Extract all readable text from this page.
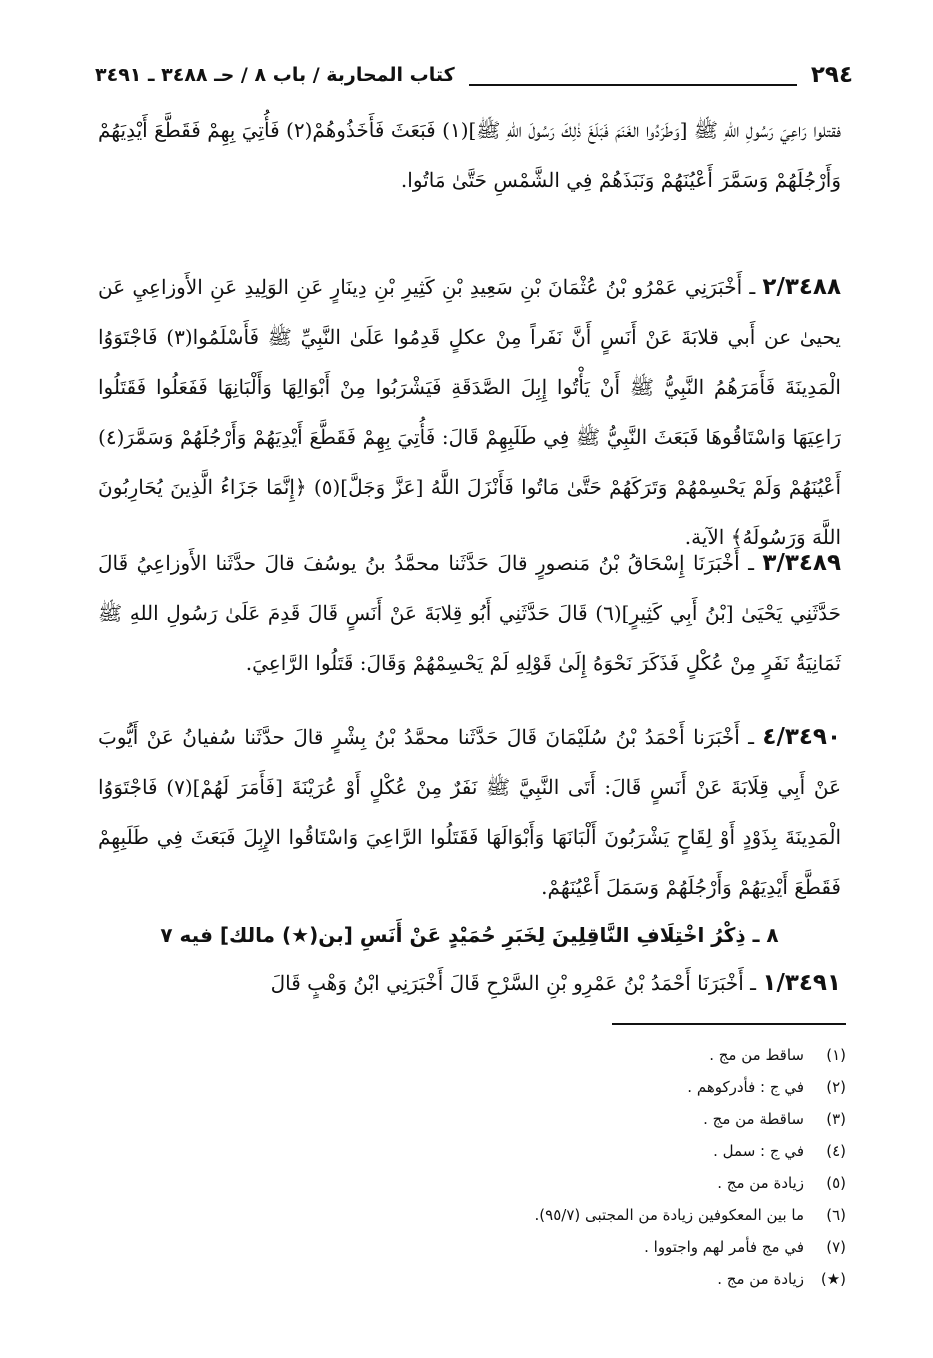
٢٩٤
كتاب المحاربة / باب ٨ / حـ ٣٤٨٨ ـ ٣٤٩١

فقتلوا رَاعِيَ رَسُولِ اللهِ ﷺ [وَطَرَدُوا الغَنَمَ فَبَلَغَ ذٰلِكَ رَسُولَ اللهِ ﷺ](١) فَبَعَثَ فَأَخَذُوهُمْ(٢) فَأُتِيَ بِهِمْ فَقَطَّعَ أَيْدِيَهُمْ وَأَرْجُلَهُمْ وَسَمَّرَ أَعْيُنَهُمْ وَنَبَذَهُمْ فِي الشَّمْسِ حَتَّىٰ مَاتُوا.

٢/٣٤٨٨ ـ أَخْبَرَنِي عَمْرُو بْنُ عُثْمَانَ بْنِ سَعِيدِ بْنِ كَثِيرِ بْنِ دِينَارٍ عَنِ الوَلِيدِ عَنِ الأَوزاعِيِ عَن يحيىٰ عن أَبي قلابَةَ عَنْ أَنَسٍ أَنَّ نَفَراً مِنْ عكلٍ قَدِمُوا عَلَىٰ النَّبِيِّ ﷺ فَأَسْلَمُوا(٣) فَاجْتَوَوُا الْمَدِينَةَ فَأَمَرَهُمُ النَّبِيُّ ﷺ أَنْ يَأْتُوا إِبِلَ الصَّدَقَةِ فَيَشْرَبُوا مِنْ أَبْوَالِهَا وَأَلْبَانِهَا فَفَعَلُوا فَقَتَلُوا رَاعِيَهَا وَاسْتَاقُوهَا فَبَعَثَ النَّبِيُّ ﷺ فِي طَلَبِهِمْ قَالَ: فَأُتِيَ بِهِمْ فَقَطَّعَ أَيْدِيَهُمْ وَأَرْجُلَهُمْ وَسَمَّرَ(٤) أَعْيُنَهُمْ وَلَمْ يَحْسِمْهُمْ وَتَرَكَهُمْ حَتَّىٰ مَاتُوا فَأَنْزَلَ اللَّهُ [عَزَّ وَجَلَّ](٥) ﴿إِنَّمَا جَزَاءُ الَّذِينَ يُحَارِبُونَ اللَّهَ وَرَسُولَهُ﴾ الآية.

٣/٣٤٨٩ ـ أَخْبَرَنَا إِسْحَاقُ بْنُ مَنصورٍ قالَ حَدَّثَنا محمَّدُ بنُ يوسُفَ قالَ حدَّثَنا الأَوزاعِيُ قَالَ حَدَّثَنِي يَحْيَىٰ [بْنُ أَبِي كَثِيرٍ](٦) قَالَ حَدَّثَنِي أَبُو قِلابَةَ عَنْ أَنَسٍ قَالَ قَدِمَ عَلَىٰ رَسُولِ اللهِ ﷺ ثَمَانِيَةُ نَفَرٍ مِنْ عُكْلٍ فَذَكَرَ نَحْوَهُ إِلَىٰ قَوْلِهِ لَمْ يَحْسِمْهُمْ وَقَالَ: قَتَلُوا الرَّاعِيَ.

٤/٣٤٩٠ ـ أَخْبَرَنا أَحْمَدُ بْنُ سُلَيْمَانَ قَالَ حَدَّثَنا محمَّدُ بْنُ بِشْرٍ قالَ حدَّثَنا سُفيانُ عَنْ أَيُّوبَ عَنْ أَبِي قِلَابَةَ عَنْ أَنَسٍ قَالَ: أَتَى النَّبِيَّ ﷺ نَفَرٌ مِنْ عُكْلٍ أَوْ عُرَيْنَةَ [فَأَمَرَ لَهُمْ](٧) فَاجْتَوَوُا الْمَدِينَةَ بِذَوْدٍ أَوْ لِقَاحٍ يَشْرَبُونَ أَلْبَانَهَا وَأَبْوَالَهَا فَقَتَلُوا الرَّاعِيَ وَاسْتَاقُوا الإِبِلَ فَبَعَثَ فِي طَلَبِهِمْ فَقَطَّعَ أَيْدِيَهُمْ وَأَرْجُلَهُمْ وَسَمَلَ أَعْيُنَهُمْ.

٨ ـ ذِكْرُ اخْتِلَافِ النَّاقِلِينَ لِخَبَرِ حُمَيْدٍ عَنْ أَنَسِ [بن(★) مالك] فيه ٧

١/٣٤٩١ ـ أَخْبَرَنَا أَحْمَدُ بْنُ عَمْرِو بْنِ السَّرْحِ قَالَ أَخْبَرَنِي ابْنُ وَهْبٍ قَالَ

(١)
ساقط من مج .
(٢)
في ج : فأدركوهم .
(٣)
ساقطة من مج .
(٤)
في ج : سمل .
(٥)
زيادة من مج .
(٦)
ما بين المعكوفين زيادة من المجتبى (٩٥/٧).
(٧)
في مج فأمر لهم واجتووا .
(★)
زيادة من مج .
